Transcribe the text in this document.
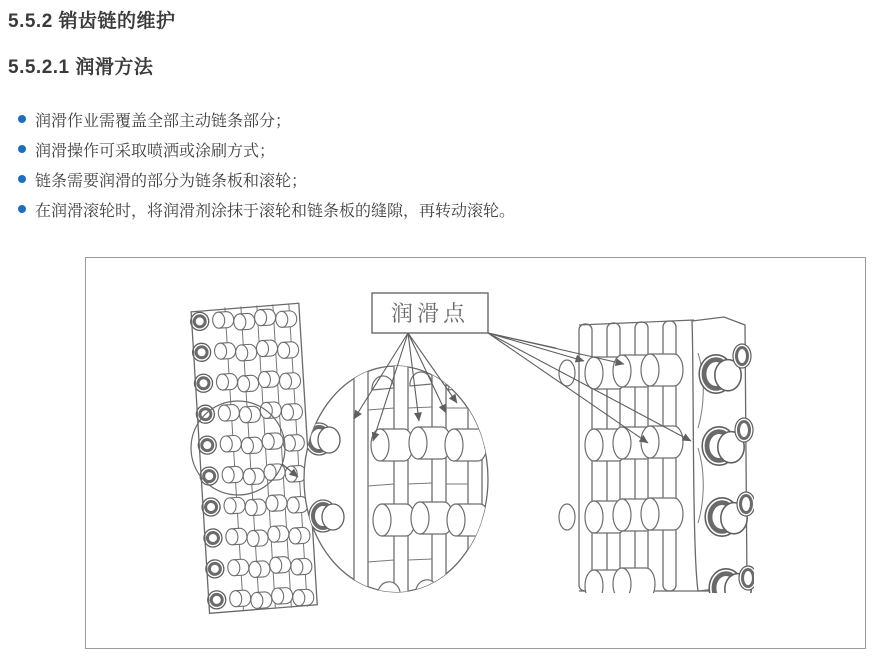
5.5.2 销齿链的维护
5.5.2.1 润滑方法
润滑作业需覆盖全部主动链条部分；
润滑操作可采取喷洒或涂刷方式；
链条需要润滑的部分为链条板和滚轮；
在润滑滚轮时，将润滑剂涂抹于滚轮和链条板的缝隙，再转动滚轮。
润滑点
